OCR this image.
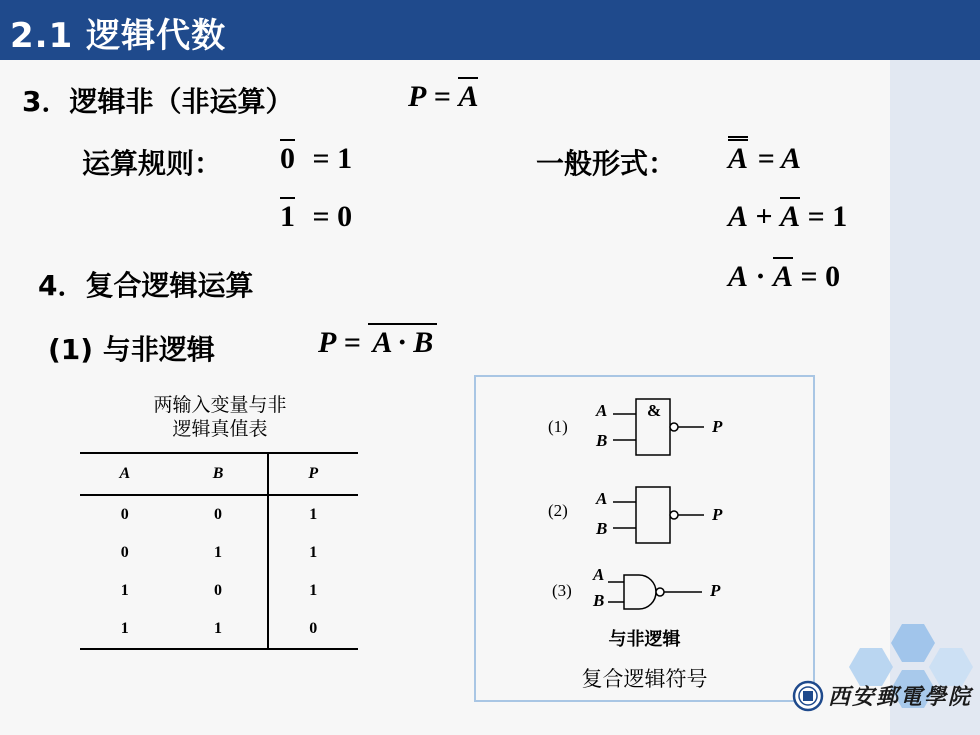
2.1 逻辑代数
3．逻辑非（非运算）	P = A
运算规则： 0 = 1
1 = 0
一般形式： A = A
A + A = 1
A · A = 0
4．复合逻辑运算
(1) 与非逻辑	P = A · B
两输入变量与非
逻辑真值表
A	B	P
0	0	1
0	1	1
1	0	1
1	1	0
(1)
A
B
&
P
(2)
A
B
P
(3)
A
B
P
与非逻辑
复合逻辑符号
西安郵電學院
